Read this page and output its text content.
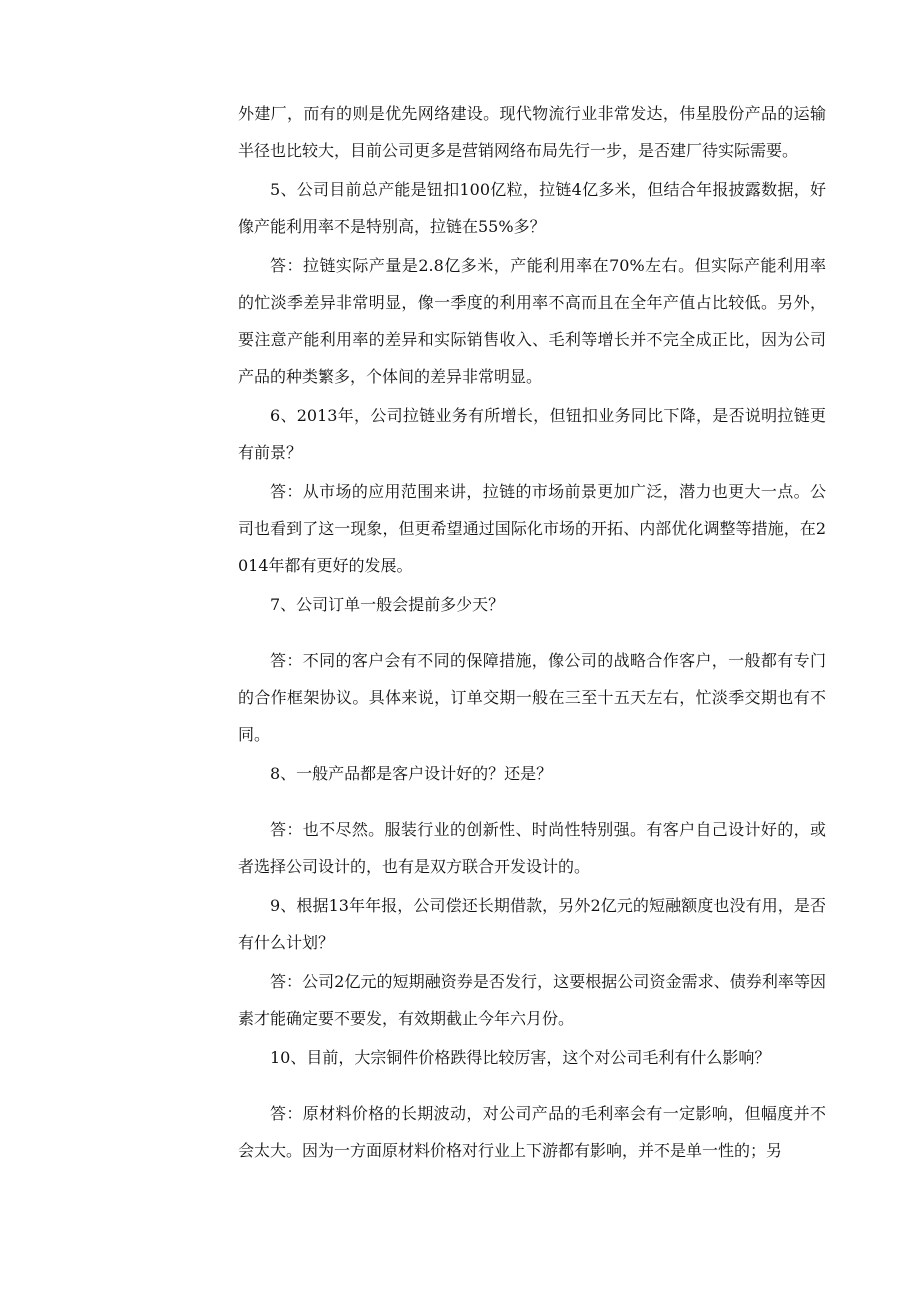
外建厂，而有的则是优先网络建设。现代物流行业非常发达，伟星股份产品的运输半径也比较大，目前公司更多是营销网络布局先行一步，是否建厂待实际需要。

5、公司目前总产能是钮扣100亿粒，拉链4亿多米，但结合年报披露数据，好像产能利用率不是特别高，拉链在55%多？

答：拉链实际产量是2.8亿多米，产能利用率在70%左右。但实际产能利用率的忙淡季差异非常明显，像一季度的利用率不高而且在全年产值占比较低。另外，要注意产能利用率的差异和实际销售收入、毛利等增长并不完全成正比，因为公司产品的种类繁多，个体间的差异非常明显。

6、2013年，公司拉链业务有所增长，但钮扣业务同比下降，是否说明拉链更有前景？

答：从市场的应用范围来讲，拉链的市场前景更加广泛，潜力也更大一点。公司也看到了这一现象，但更希望通过国际化市场的开拓、内部优化调整等措施，在2014年都有更好的发展。

7、公司订单一般会提前多少天？

答：不同的客户会有不同的保障措施，像公司的战略合作客户，一般都有专门的合作框架协议。具体来说，订单交期一般在三至十五天左右，忙淡季交期也有不同。

8、一般产品都是客户设计好的？还是？

答：也不尽然。服装行业的创新性、时尚性特别强。有客户自己设计好的，或者选择公司设计的，也有是双方联合开发设计的。

9、根据13年年报，公司偿还长期借款，另外2亿元的短融额度也没有用，是否有什么计划？

答：公司2亿元的短期融资券是否发行，这要根据公司资金需求、债券利率等因素才能确定要不要发，有效期截止今年六月份。

10、目前，大宗铜件价格跌得比较厉害，这个对公司毛利有什么影响？

答：原材料价格的长期波动，对公司产品的毛利率会有一定影响，但幅度并不会太大。因为一方面原材料价格对行业上下游都有影响，并不是单一性的；另
